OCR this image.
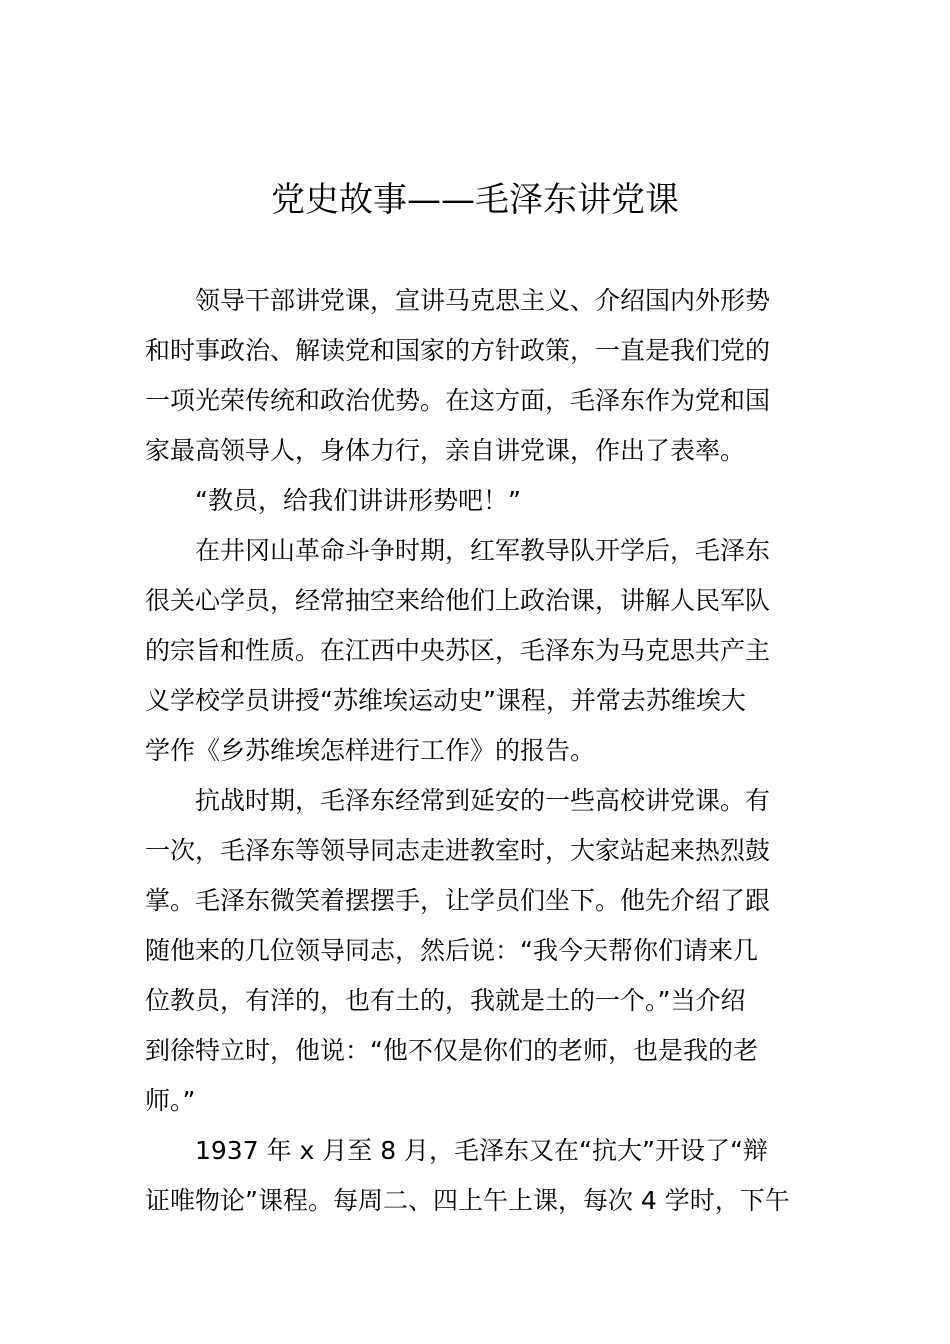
党史故事——毛泽东讲党课
领导干部讲党课，宣讲马克思主义、介绍国内外形势
和时事政治、解读党和国家的方针政策，一直是我们党的
一项光荣传统和政治优势。在这方面，毛泽东作为党和国
家最高领导人，身体力行，亲自讲党课，作出了表率。
“教员，给我们讲讲形势吧！”
在井冈山革命斗争时期，红军教导队开学后，毛泽东
很关心学员，经常抽空来给他们上政治课，讲解人民军队
的宗旨和性质。在江西中央苏区，毛泽东为马克思共产主
义学校学员讲授“苏维埃运动史”课程，并常去苏维埃大
学作《乡苏维埃怎样进行工作》的报告。
抗战时期，毛泽东经常到延安的一些高校讲党课。有
一次，毛泽东等领导同志走进教室时，大家站起来热烈鼓
掌。毛泽东微笑着摆摆手，让学员们坐下。他先介绍了跟
随他来的几位领导同志，然后说：“我今天帮你们请来几
位教员，有洋的，也有土的，我就是土的一个。”当介绍
到徐特立时，他说：“他不仅是你们的老师，也是我的老
师。”
1937 年 x 月至 8 月，毛泽东又在“抗大”开设了“辩
证唯物论”课程。每周二、四上午上课，每次 4 学时，下午
